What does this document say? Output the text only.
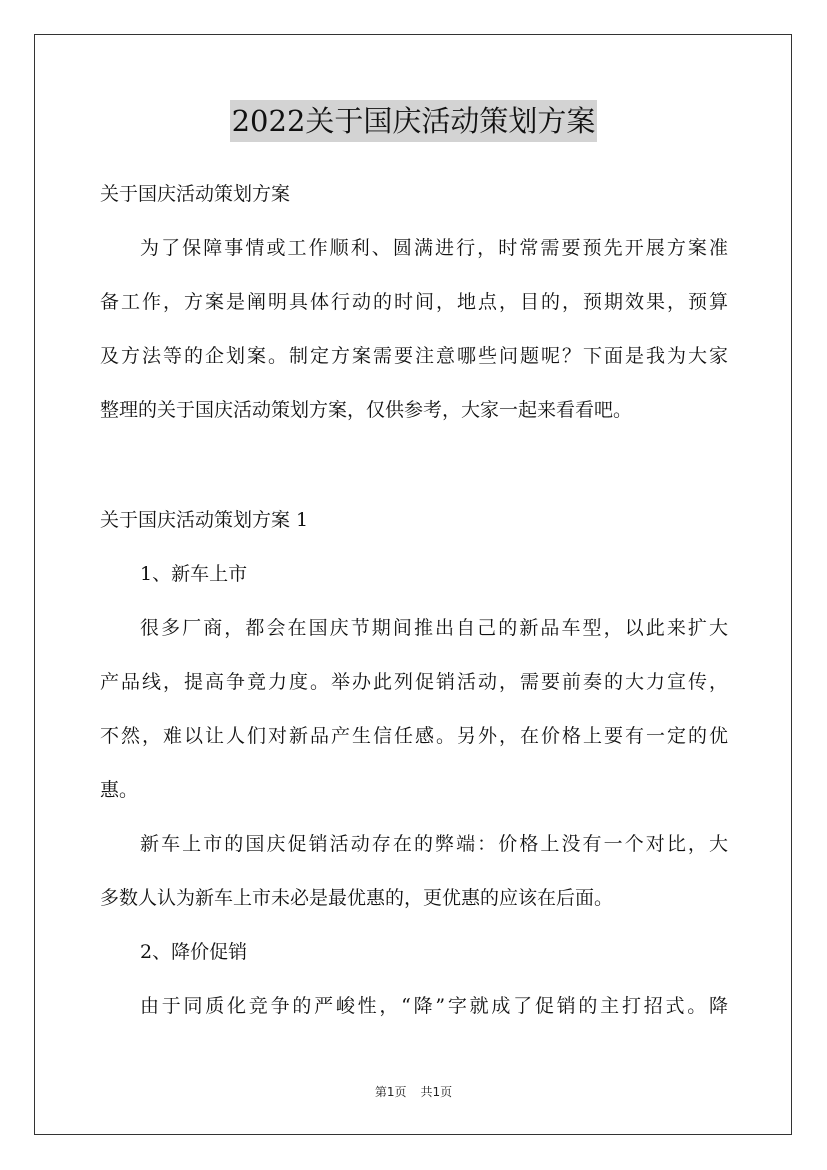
2022关于国庆活动策划方案
关于国庆活动策划方案
为了保障事情或工作顺利、圆满进行，时常需要预先开展方案准
备工作，方案是阐明具体行动的时间，地点，目的，预期效果，预算
及方法等的企划案。制定方案需要注意哪些问题呢？下面是我为大家
整理的关于国庆活动策划方案，仅供参考，大家一起来看看吧。
关于国庆活动策划方案 1
1、新车上市
很多厂商，都会在国庆节期间推出自己的新品车型，以此来扩大
产品线，提高争竟力度。举办此列促销活动，需要前奏的大力宣传，
不然，难以让人们对新品产生信任感。另外，在价格上要有一定的优
惠。
新车上市的国庆促销活动存在的弊端：价格上没有一个对比，大
多数人认为新车上市未必是最优惠的，更优惠的应该在后面。
2、降价促销
由于同质化竞争的严峻性，“降”字就成了促销的主打招式。降
第1页 共1页
